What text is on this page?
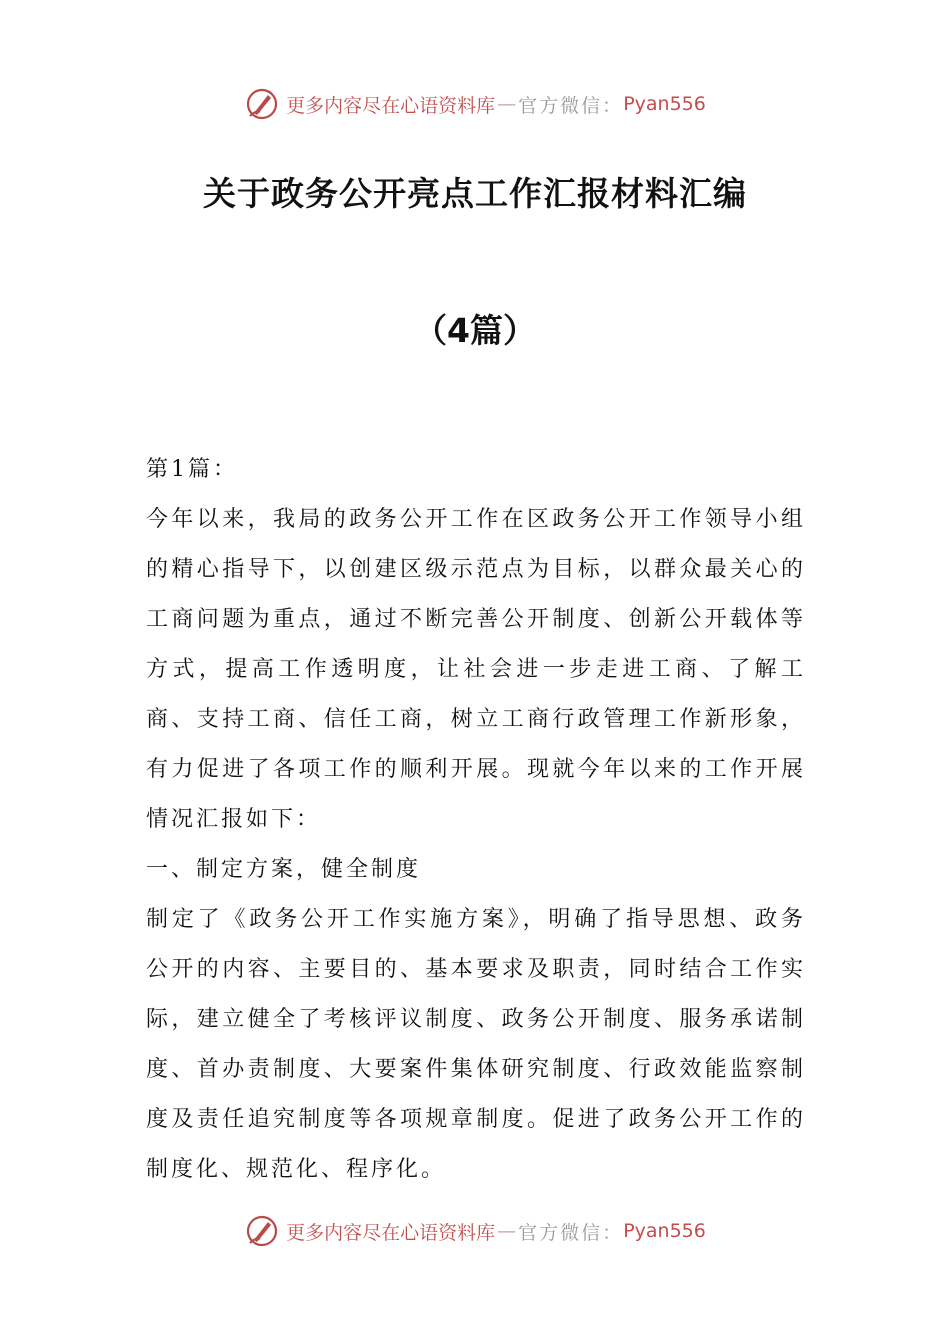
更多内容尽在心语资料库 — 官方微信： Pyan556
关于政务公开亮点工作汇报材料汇编
（4篇）

第1篇：

今年以来，我局的政务公开工作在区政务公开工作领导小组的精心指导下，以创建区级示范点为目标，以群众最关心的工商问题为重点，通过不断完善公开制度、创新公开载体等方式，提高工作透明度，让社会进一步走进工商、了解工商、支持工商、信任工商，树立工商行政管理工作新形象，有力促进了各项工作的顺利开展。现就今年以来的工作开展情况汇报如下：

一、制定方案，健全制度

制定了《政务公开工作实施方案》，明确了指导思想、政务公开的内容、主要目的、基本要求及职责，同时结合工作实际，建立健全了考核评议制度、政务公开制度、服务承诺制度、首办责制度、大要案件集体研究制度、行政效能监察制度及责任追究制度等各项规章制度。促进了政务公开工作的制度化、规范化、程序化。

更多内容尽在心语资料库 — 官方微信： Pyan556
